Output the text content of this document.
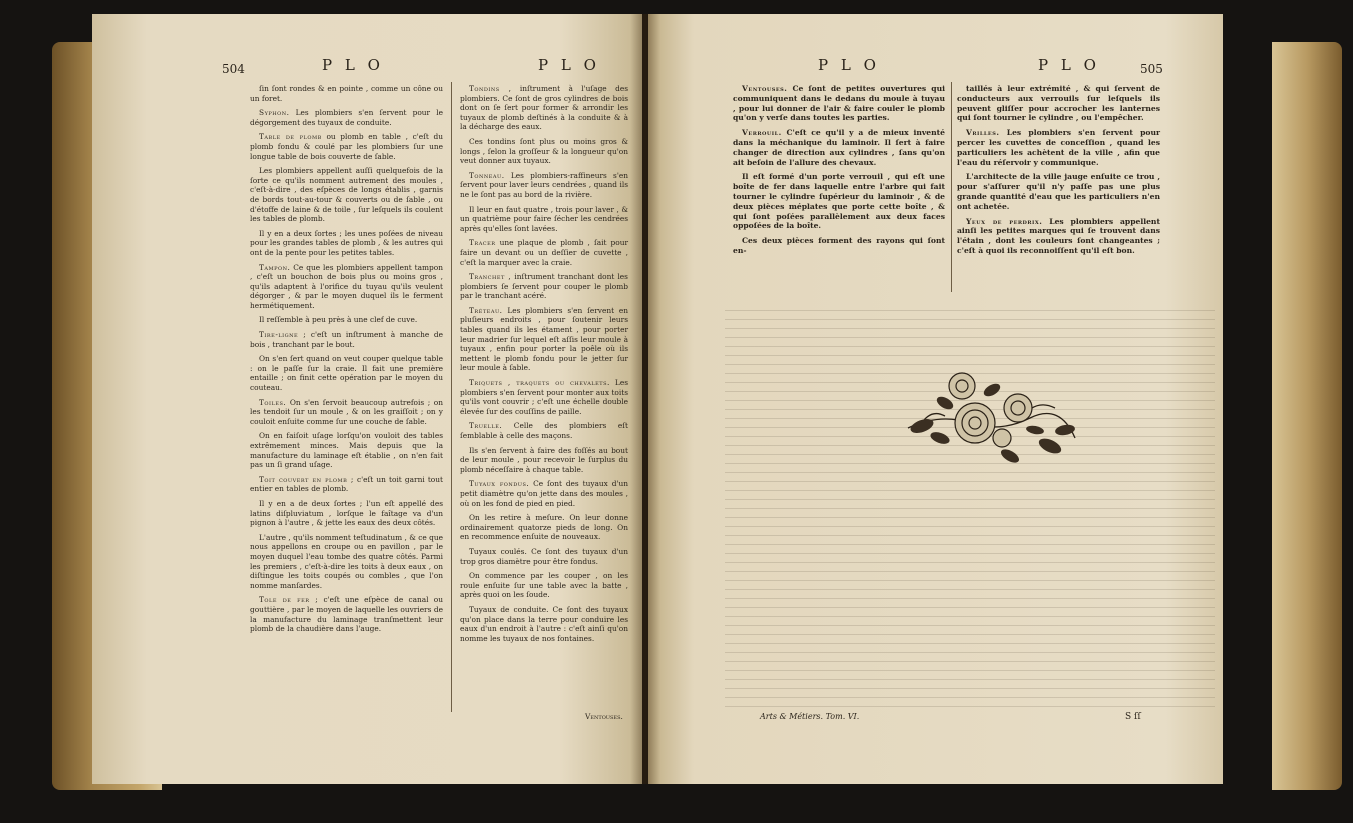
504	P L O	P L O	P L O	P L O	505

ſin ſont rondes & en pointe , comme un cône ou un foret.

Syphon. Les plombiers s'en ſervent pour le dégorgement des tuyaux de conduite.

Table de plomb ou plomb en table , c'eſt du plomb fondu & coulé par les plombiers ſur une longue table de bois couverte de ſable.

Les plombiers appellent auſſi quelquefois de la ſorte ce qu'ils nomment autrement des moules , c'eſt-à-dire , des eſpèces de longs établis , garnis de bords tout-au-tour & couverts ou de ſable , ou d'étoffe de laine & de toile , ſur leſquels ils coulent les tables de plomb.

Il y en a deux ſortes ; les unes poſées de niveau pour les grandes tables de plomb , & les autres qui ont de la pente pour les petites tables.

Tampon. Ce que les plombiers appellent tampon , c'eſt un bouchon de bois plus ou moins gros , qu'ils adaptent à l'orifice du tuyau qu'ils veulent dégorger , & par le moyen duquel ils le ferment hermétiquement.

Il reſſemble à peu près à une clef de cuve.

Tire-ligne ; c'eſt un inſtrument à manche de bois , tranchant par le bout.

On s'en ſert quand on veut couper quelque table : on le paſſe ſur la craie. Il fait une première entaille ; on finit cette opération par le moyen du couteau.

Toiles. On s'en ſervoit beaucoup autrefois ; on les tendoit ſur un moule , & on les graiſſoit ; on y couloit enſuite comme ſur une couche de ſable.

On en faiſoit uſage lorſqu'on vouloit des tables extrêmement minces. Mais depuis que la manufacture du laminage eſt établie , on n'en fait pas un ſi grand uſage.

Toit couvert en plomb ; c'eſt un toit garni tout entier en tables de plomb.

Il y en a de deux ſortes ; l'un eſt appellé des latins diſpluviatum , lorſque le faîtage va d'un pignon à l'autre , & jette les eaux des deux côtés.

L'autre , qu'ils nomment teſtudinatum , & ce que nous appellons en croupe ou en pavillon , par le moyen duquel l'eau tombe des quatre côtés. Parmi les premiers , c'eſt-à-dire les toits à deux eaux , on diſtingue les toits coupés ou combles , que l'on nomme manſardes.

Tole de fer ; c'eſt une eſpèce de canal ou gouttière , par le moyen de laquelle les ouvriers de la manufacture du laminage tranſmettent leur plomb de la chaudière dans l'auge.

Tondins , inſtrument à l'uſage des plombiers. Ce ſont de gros cylindres de bois dont on ſe ſert pour former & arrondir les tuyaux de plomb deſtinés à la conduite & à la décharge des eaux.

Ces tondins ſont plus ou moins gros & longs , ſelon la groſſeur & la longueur qu'on veut donner aux tuyaux.

Tonneau. Les plombiers-raffineurs s'en ſervent pour laver leurs cendrées , quand ils ne le ſont pas au bord de la rivière.

Il leur en faut quatre , trois pour laver , & un quatrième pour faire ſécher les cendrées après qu'elles ſont lavées.

Tracer une plaque de plomb , ſait pour faire un devant ou un deſſier de cuvette , c'eſt la marquer avec la craie.

Tranchet , inſtrument tranchant dont les plombiers ſe ſervent pour couper le plomb par le tranchant acéré.

Tréteau. Les plombiers s'en ſervent en pluſieurs endroits , pour ſoutenir leurs tables quand ils les étament , pour porter leur madrier ſur lequel eſt aſſis leur moule à tuyaux , enfin pour porter la poêle où ils mettent le plomb fondu pour le jetter ſur leur moule à ſable.

Triquets , traquets ou chevalets. Les plombiers s'en ſervent pour monter aux toits qu'ils vont couvrir ; c'eſt une échelle double élevée ſur des couſſins de paille.

Truelle. Celle des plombiers eſt ſemblable à celle des maçons.

Ils s'en ſervent à faire des foſſés au bout de leur moule , pour recevoir le ſurplus du plomb néceſſaire à chaque table.

Tuyaux fondus. Ce ſont des tuyaux d'un petit diamètre qu'on jette dans des moules , où on les fond de pied en pied.

On les retire à meſure. On leur donne ordinairement quatorze pieds de long. On en recommence enſuite de nouveaux.

Tuyaux coulés. Ce ſont des tuyaux d'un trop gros diamètre pour être fondus.

On commence par les couper , on les roule enſuite ſur une table avec la batte , après quoi on les ſoude.

Tuyaux de conduite. Ce ſont des tuyaux qu'on place dans la terre pour conduire les eaux d'un endroit à l'autre : c'eſt ainſi qu'on nomme les tuyaux de nos fontaines.

Ventouses.

Ventouses. Ce ſont de petites ouvertures qui communiquent dans le dedans du moule à tuyau , pour lui donner de l'air & faire couler le plomb qu'on y verſe dans toutes les parties.

Verrouil. C'eſt ce qu'il y a de mieux inventé dans la méchanique du laminoir. Il ſert à faire changer de direction aux cylindres , ſans qu'on ait beſoin de l'allure des chevaux.

Il eſt formé d'un porte verrouil , qui eſt une boîte de fer dans laquelle entre l'arbre qui fait tourner le cylindre ſupérieur du laminoir , & de deux pièces méplates que porte cette boîte , & qui ſont poſées parallèlement aux deux faces oppoſées de la boîte.

Ces deux pièces forment des rayons qui ſont en-

taillés à leur extrémité , & qui ſervent de conducteurs aux verrouils ſur leſquels ils peuvent gliſſer pour accrocher les lanternes qui ſont tourner le cylindre , ou l'empêcher.

Vrilles. Les plombiers s'en ſervent pour percer les cuvettes de conceſſion , quand les particuliers les achètent de la ville , afin que l'eau du réſervoir y communique.

L'architecte de la ville jauge enſuite ce trou , pour s'aſſurer qu'il n'y paſſe pas une plus grande quantité d'eau que les particuliers n'en ont achetée.

Yeux de perdrix. Les plombiers appellent ainſi les petites marques qui ſe trouvent dans l'étain , dont les couleurs ſont changeantes ; c'eſt à quoi ils reconnoiſſent qu'il eſt bon.

Arts & Métiers. Tom. VI.	S ſſ
